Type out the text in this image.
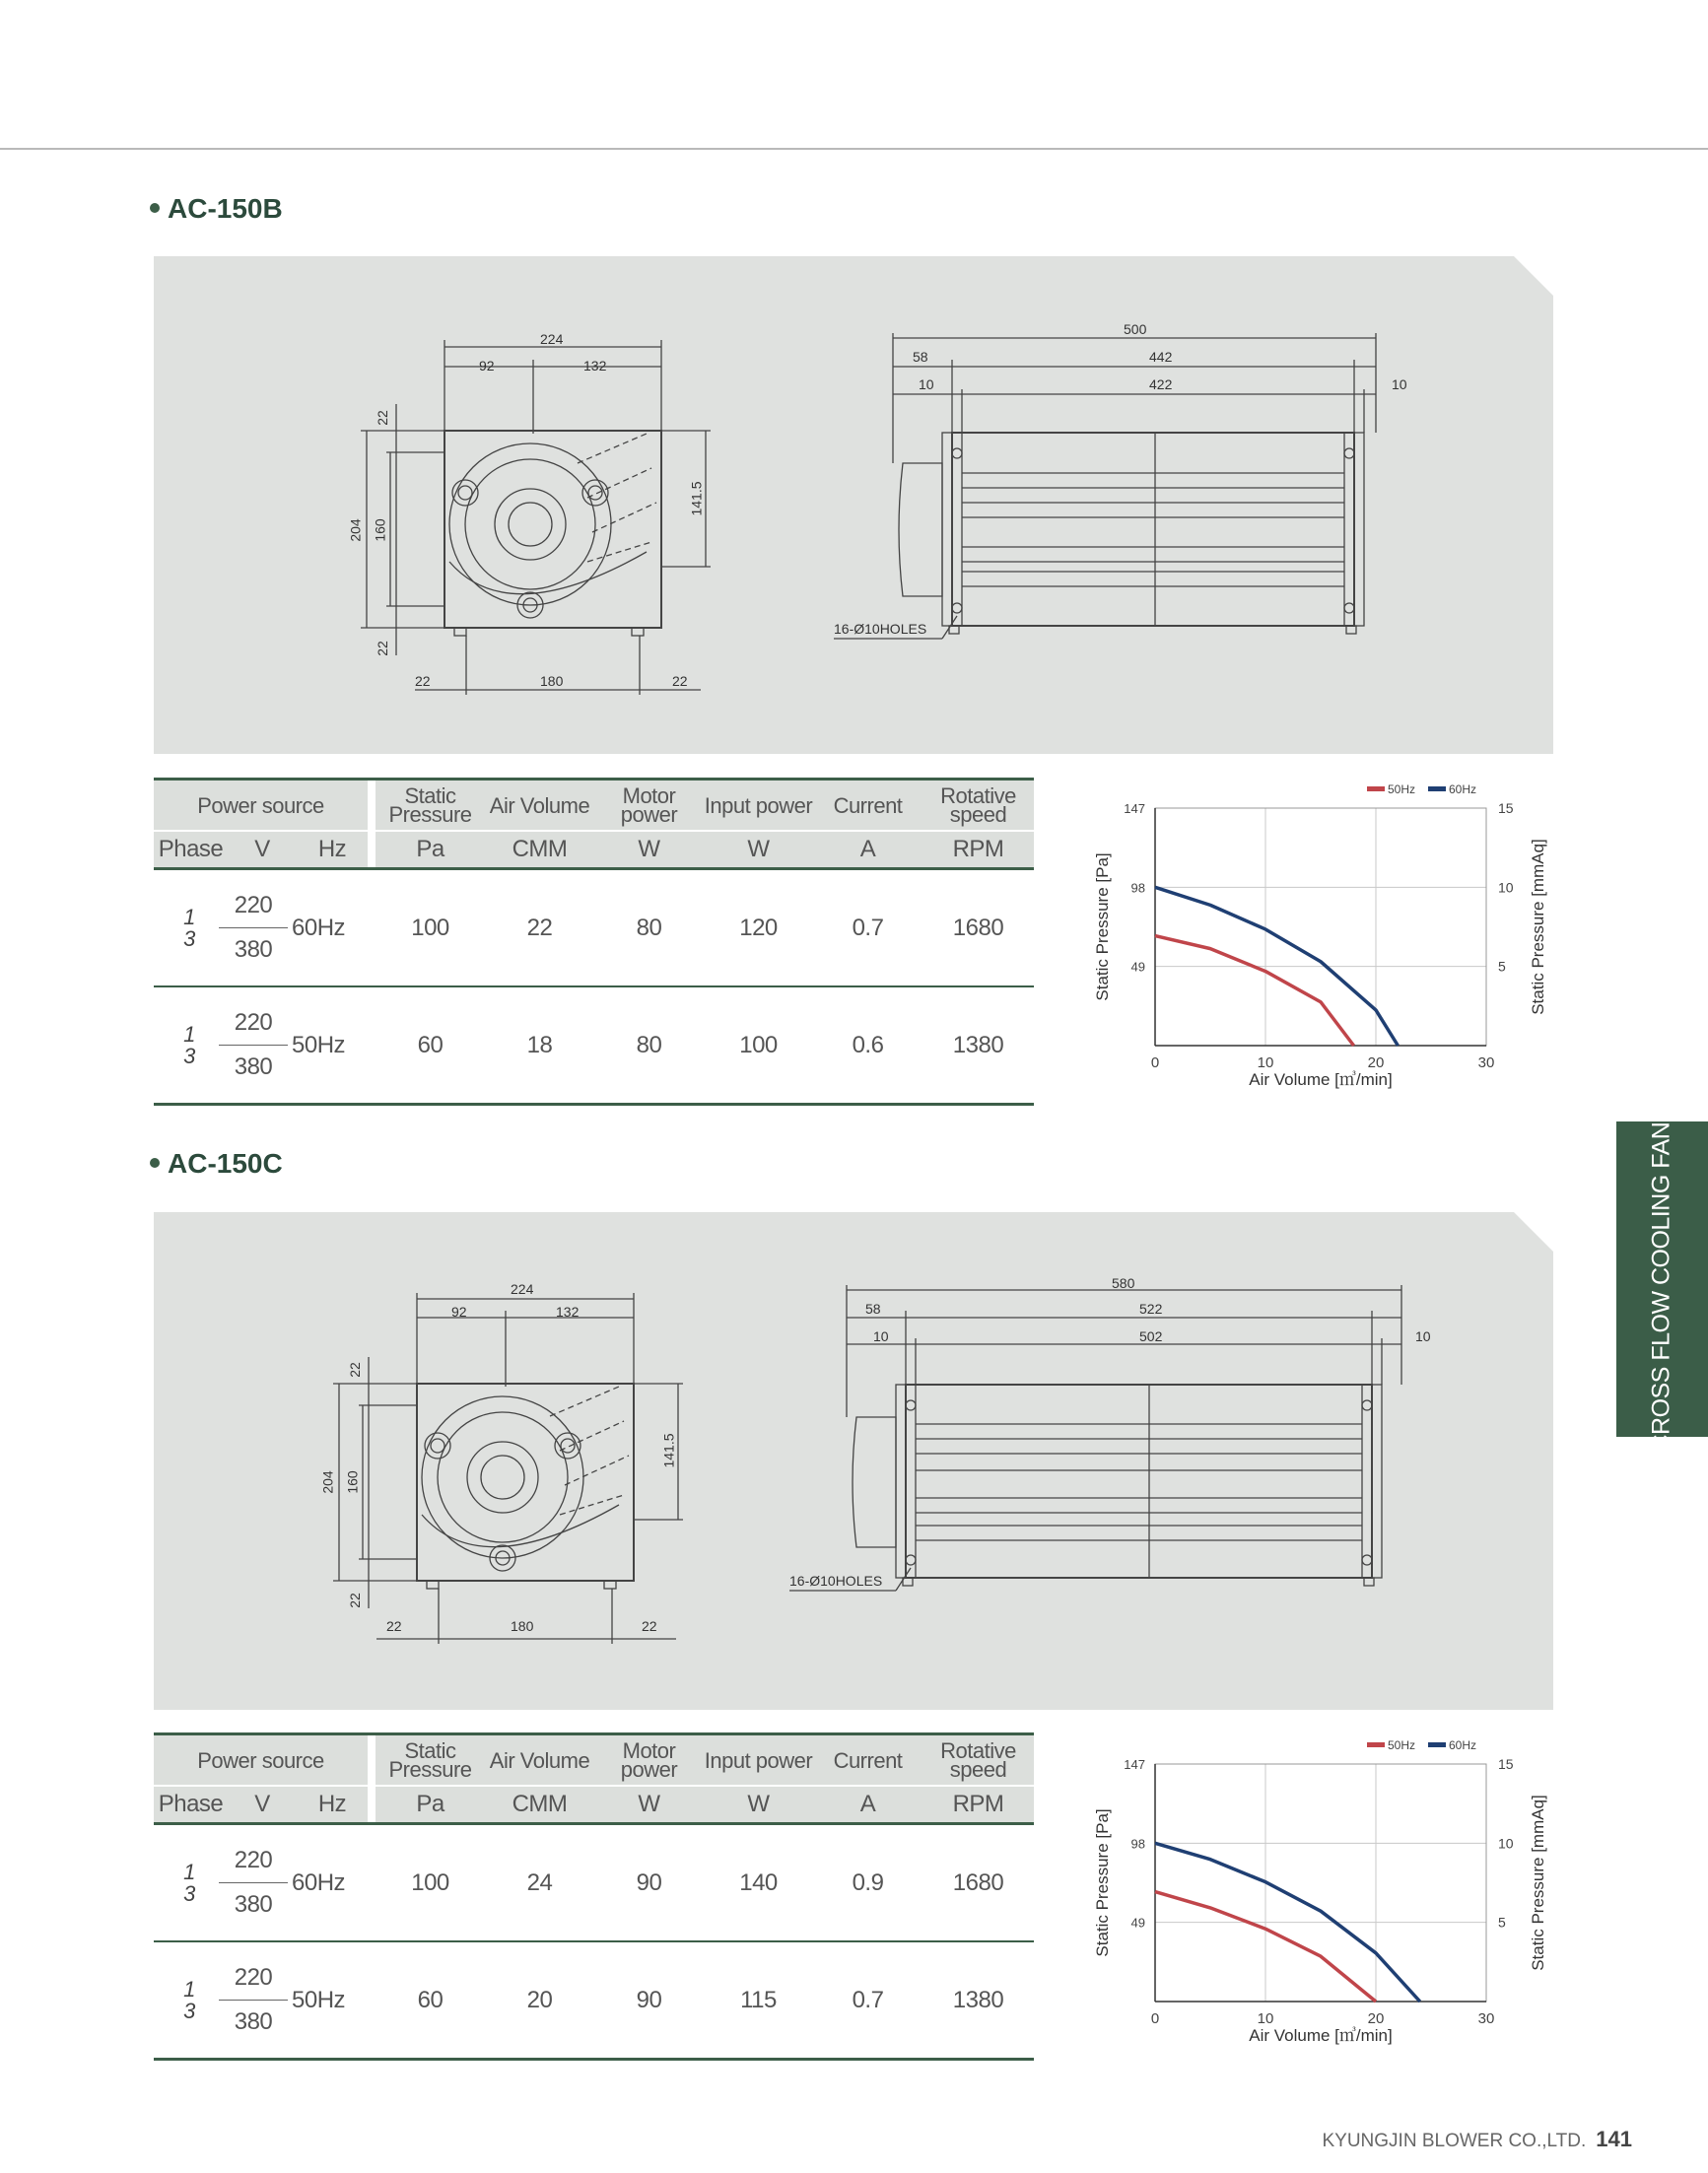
AC-150B
224
92	132
22
204 160
22
141.5
22	180	22
500
58	442
10	422	10
16-Ø10HOLES
Power source		Static Pressure	Air Volume	Motor power	Input power	Current	Rotative speed

Phase V Hz		Pa	CMM	W	W	A	RPM

1
3
220
380
60Hz		100	22	80	120	0.7	1680

1
3
220
380
50Hz		60	18	80	100	0.6	1380
0	10	20	30
49
98
147
5
10
15
50Hz	60Hz
Air Volume [㎥/min]
Static Pressure [Pa]	Static Pressure [mmAq]
AC-150C
224
92	132
22
204 160
22
141.5
22	180	22
580
58	522
10	502	10
16-Ø10HOLES
Power source		Static Pressure	Air Volume	Motor power	Input power	Current	Rotative speed

Phase V Hz		Pa	CMM	W	W	A	RPM

1
3
220
380
60Hz		100	24	90	140	0.9	1680

1
3
220
380
50Hz		60	20	90	115	0.7	1380
0	10	20	30
49
98
147
5
10
15
50Hz	60Hz
Air Volume [㎥/min]
Static Pressure [Pa]	Static Pressure [mmAq]
CROSS FLOW COOLING FANS
KYUNGJIN BLOWER CO.,LTD. 141
